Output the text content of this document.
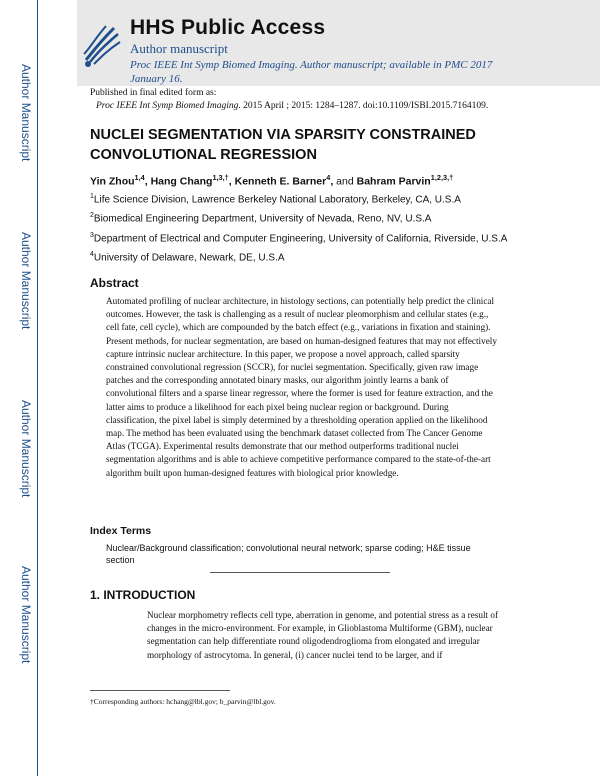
HHS Public Access
Author manuscript
Proc IEEE Int Symp Biomed Imaging. Author manuscript; available in PMC 2017 January 16.
Author Manuscript
Author Manuscript
Author Manuscript
Author Manuscript
Published in final edited form as:
Proc IEEE Int Symp Biomed Imaging. 2015 April ; 2015: 1284–1287. doi:10.1109/ISBI.2015.7164109.
NUCLEI SEGMENTATION VIA SPARSITY CONSTRAINED CONVOLUTIONAL REGRESSION
Yin Zhou$^{1,4}$, Hang Chang$^{1,3,\dagger}$, Kenneth E. Barner$^4$, and Bahram Parvin$^{1,2,3,\dagger}$
$^1$Life Science Division, Lawrence Berkeley National Laboratory, Berkeley, CA, U.S.A
$^2$Biomedical Engineering Department, University of Nevada, Reno, NV, U.S.A
$^3$Department of Electrical and Computer Engineering, University of California, Riverside, U.S.A
$^4$University of Delaware, Newark, DE, U.S.A
Abstract
Automated profiling of nuclear architecture, in histology sections, can potentially help predict the clinical outcomes. However, the task is challenging as a result of nuclear pleomorphism and cellular states (e.g., cell fate, cell cycle), which are compounded by the batch effect (e.g., variations in fixation and staining). Present methods, for nuclear segmentation, are based on human-designed features that may not effectively capture intrinsic nuclear architecture. In this paper, we propose a novel approach, called sparsity constrained convolutional regression (SCCR), for nuclei segmentation. Specifically, given raw image patches and the corresponding annotated binary masks, our algorithm jointly learns a bank of convolutional filters and a sparse linear regressor, where the former is used for feature extraction, and the latter aims to produce a likelihood for each pixel being nuclear region or background. During classification, the pixel label is simply determined by a thresholding operation applied on the likelihood map. The method has been evaluated using the benchmark dataset collected from The Cancer Genome Atlas (TCGA). Experimental results demonstrate that our method outperforms traditional nuclei segmentation algorithms and is able to achieve competitive performance compared to the state-of-the-art algorithm built upon human-designed features with biological prior knowledge.
Index Terms
Nuclear/Background classification; convolutional neural network; sparse coding; H&E tissue section
1. INTRODUCTION
Nuclear morphometry reflects cell type, aberration in genome, and potential stress as a result of changes in the micro-environment. For example, in Glioblastoma Multiforme (GBM), nuclear segmentation can help differentiate round oligodendroglioma from elongated and irregular morphology of astrocytoma. In general, (i) cancer nuclei tend to be larger, and if
†Corresponding authors: hchang@lbl.gov; b_parvin@lbl.gov.
